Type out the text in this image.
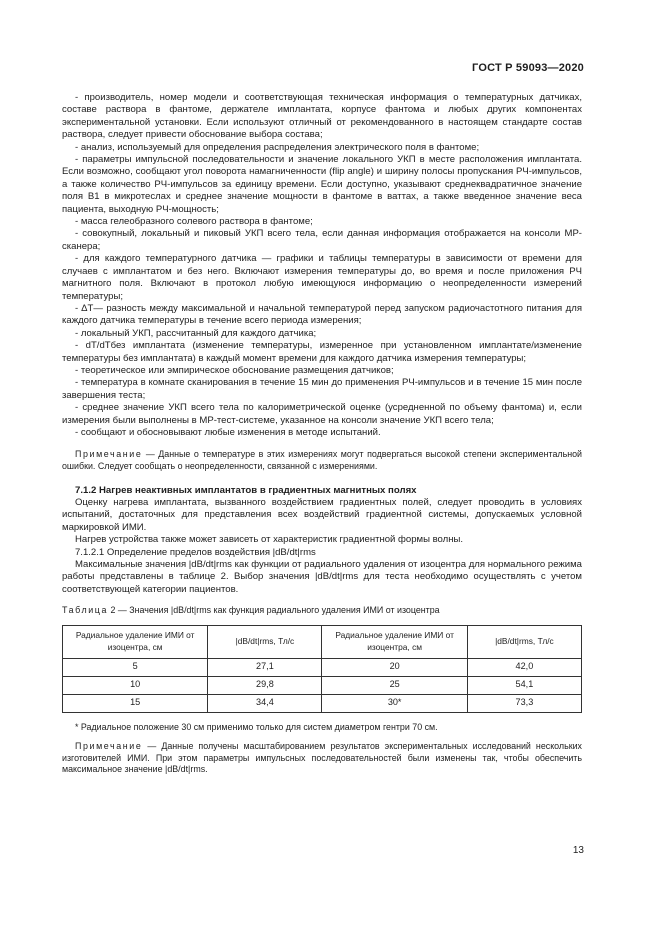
ГОСТ Р 59093—2020

- производитель, номер модели и соответствующая техническая информация о температурных датчиках, составе раствора в фантоме, держателе имплантата, корпусе фантома и любых других компонентах экспериментальной установки. Если используют отличный от рекомендованного в настоящем стандарте состав раствора, следует привести обоснование выбора состава;

- анализ, используемый для определения распределения электрического поля в фантоме;

- параметры импульсной последовательности и значение локального УКП в месте расположения имплантата. Если возможно, сообщают угол поворота намагниченности (flip angle) и ширину полосы пропускания РЧ-импульсов, а также количество РЧ-импульсов за единицу времени. Если доступно, указывают среднеквадратичное значение поля B1 в микротеслах и среднее значение мощности в фантоме в ваттах, а также введенное значение веса пациента, выходную РЧ-мощность;

- масса гелеобразного солевого раствора в фантоме;

- совокупный, локальный и пиковый УКП всего тела, если данная информация отображается на консоли МР-сканера;

- для каждого температурного датчика — графики и таблицы температуры в зависимости от времени для случаев с имплантатом и без него. Включают измерения температуры до, во время и после приложения РЧ магнитного поля. Включают в протокол любую имеющуюся информацию о неопределенности измерений температуры;

- ΔT— разность между максимальной и начальной температурой перед запуском радиочастотного питания для каждого датчика температуры в течение всего периода измерения;

- локальный УКП, рассчитанный для каждого датчика;

- dT/dTбез имплантата (изменение температуры, измеренное при установленном имплантате/изменение температуры без имплантата) в каждый момент времени для каждого датчика измерения температуры;

- теоретическое или эмпирическое обоснование размещения датчиков;

- температура в комнате сканирования в течение 15 мин до применения РЧ-импульсов и в течение 15 мин после завершения теста;

- среднее значение УКП всего тела по калориметрической оценке (усредненной по объему фантома) и, если измерения были выполнены в МР-тест-системе, указанное на консоли значение УКП всего тела;

- сообщают и обосновывают любые изменения в методе испытаний.

Примечание — Данные о температуре в этих измерениях могут подвергаться высокой степени экспериментальной ошибки. Следует сообщать о неопределенности, связанной с измерениями.

7.1.2 Нагрев неактивных имплантатов в градиентных магнитных полях

Оценку нагрева имплантата, вызванного воздействием градиентных полей, следует проводить в условиях испытаний, достаточных для представления всех воздействий градиентной системы, допускаемых условной маркировкой ИМИ.

Нагрев устройства также может зависеть от характеристик градиентной формы волны.

7.1.2.1 Определение пределов воздействия |dB/dt|rms

Максимальные значения |dB/dt|rms как функции от радиального удаления от изоцентра для нормального режима работы представлены в таблице 2. Выбор значения |dB/dt|rms для теста необходимо осуществлять с учетом соответствующей категории пациентов.

Таблица 2 — Значения |dB/dt|rms как функция радиального удаления ИМИ от изоцентра

Радиальное удаление ИМИ от изоцентра, см	|dB/dt|rms, Тл/с	Радиальное удаление ИМИ от изоцентра, см	|dB/dt|rms, Тл/с
5	27,1	20	42,0
10	29,8	25	54,1
15	34,4	30*	73,3

* Радиальное положение 30 см применимо только для систем диаметром гентри 70 см.

Примечание — Данные получены масштабированием результатов экспериментальных исследований нескольких изготовителей ИМИ. При этом параметры импульсных последовательностей были изменены так, чтобы обеспечить максимальное значение |dB/dt|rms.

13
